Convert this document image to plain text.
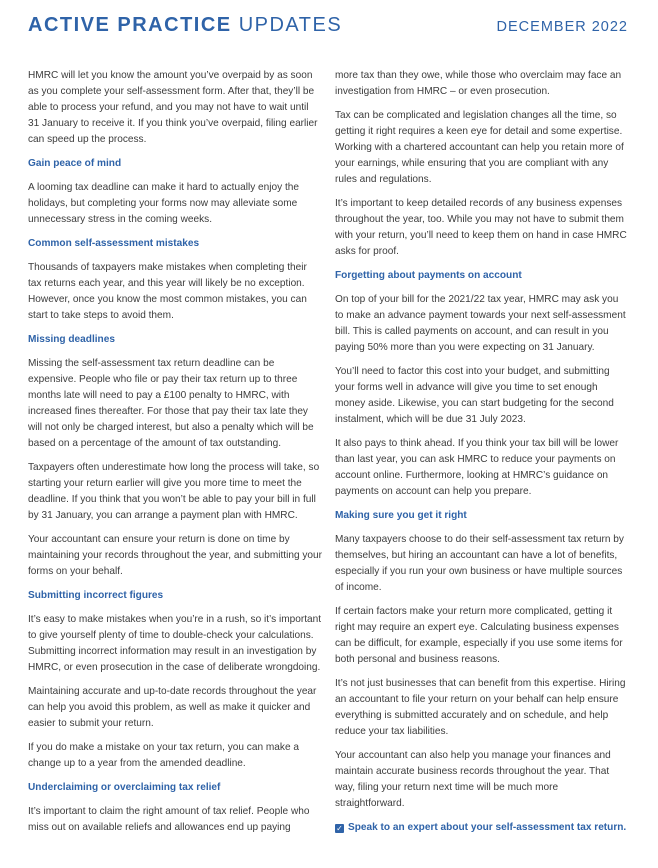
ACTIVE PRACTICE UPDATES	DECEMBER 2022

HMRC will let you know the amount you’ve overpaid by as soon as you complete your self-assessment form. After that, they’ll be able to process your refund, and you may not have to wait until 31 January to receive it. If you think you’ve overpaid, filing earlier can speed up the process.

Gain peace of mind

A looming tax deadline can make it hard to actually enjoy the holidays, but completing your forms now may alleviate some unnecessary stress in the coming weeks.

Common self-assessment mistakes

Thousands of taxpayers make mistakes when completing their tax returns each year, and this year will likely be no exception. However, once you know the most common mistakes, you can start to take steps to avoid them.

Missing deadlines

Missing the self-assessment tax return deadline can be expensive. People who file or pay their tax return up to three months late will need to pay a £100 penalty to HMRC, with increased fines thereafter. For those that pay their tax late they will not only be charged interest, but also a penalty which will be based on a percentage of the amount of tax outstanding.

Taxpayers often underestimate how long the process will take, so starting your return earlier will give you more time to meet the deadline. If you think that you won’t be able to pay your bill in full by 31 January, you can arrange a payment plan with HMRC.

Your accountant can ensure your return is done on time by maintaining your records throughout the year, and submitting your forms on your behalf.

Submitting incorrect figures

It’s easy to make mistakes when you’re in a rush, so it’s important to give yourself plenty of time to double-check your calculations. Submitting incorrect information may result in an investigation by HMRC, or even prosecution in the case of deliberate wrongdoing.

Maintaining accurate and up-to-date records throughout the year can help you avoid this problem, as well as make it quicker and easier to submit your return.

If you do make a mistake on your tax return, you can make a change up to a year from the amended deadline.

Underclaiming or overclaiming tax relief

It’s important to claim the right amount of tax relief. People who miss out on available reliefs and allowances end up paying

more tax than they owe, while those who overclaim may face an investigation from HMRC – or even prosecution.

Tax can be complicated and legislation changes all the time, so getting it right requires a keen eye for detail and some expertise. Working with a chartered accountant can help you retain more of your earnings, while ensuring that you are compliant with any rules and regulations.

It’s important to keep detailed records of any business expenses throughout the year, too. While you may not have to submit them with your return, you’ll need to keep them on hand in case HMRC asks for proof.

Forgetting about payments on account

On top of your bill for the 2021/22 tax year, HMRC may ask you to make an advance payment towards your next self-assessment bill. This is called payments on account, and can result in you paying 50% more than you were expecting on 31 January.

You’ll need to factor this cost into your budget, and submitting your forms well in advance will give you time to set enough money aside. Likewise, you can start budgeting for the second instalment, which will be due 31 July 2023.

It also pays to think ahead. If you think your tax bill will be lower than last year, you can ask HMRC to reduce your payments on account online. Furthermore, looking at HMRC’s guidance on payments on account can help you prepare.

Making sure you get it right

Many taxpayers choose to do their self-assessment tax return by themselves, but hiring an accountant can have a lot of benefits, especially if you run your own business or have multiple sources of income.

If certain factors make your return more complicated, getting it right may require an expert eye. Calculating business expenses can be difficult, for example, especially if you use some items for both personal and business reasons.

It’s not just businesses that can benefit from this expertise. Hiring an accountant to file your return on your behalf can help ensure everything is submitted accurately and on schedule, and help reduce your tax liabilities.

Your accountant can also help you manage your finances and maintain accurate business records throughout the year. That way, filing your return next time will be much more straightforward.

✓ Speak to an expert about your self-assessment tax return.
